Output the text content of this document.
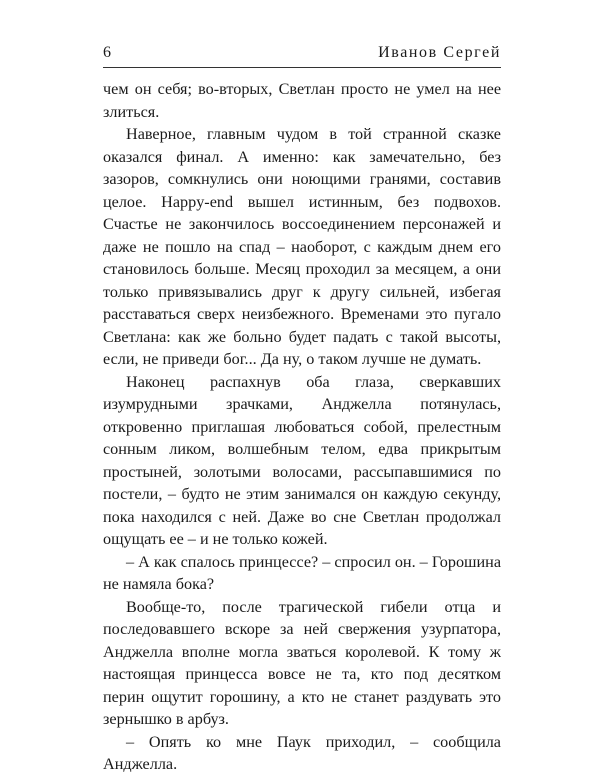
6	Иванов Сергей

чем он себя; во-вторых, Светлан просто не умел на нее злиться.

Наверное, главным чудом в той странной сказке оказался финал. А именно: как замечательно, без зазоров, сомкнулись они ноющими гранями, составив целое. Happy-end вышел истинным, без подвохов. Счастье не закончилось воссоединением персонажей и даже не пошло на спад – наоборот, с каждым днем его становилось больше. Месяц проходил за месяцем, а они только привязывались друг к другу сильней, избегая расставаться сверх неизбежного. Временами это пугало Светлана: как же больно будет падать с такой высоты, если, не приведи бог... Да ну, о таком лучше не думать.

Наконец распахнув оба глаза, сверкавших изумрудными зрачками, Анджелла потянулась, откровенно приглашая любоваться собой, прелестным сонным ликом, волшебным телом, едва прикрытым простыней, золотыми волосами, рассыпавшимися по постели, – будто не этим занимался он каждую секунду, пока находился с ней. Даже во сне Светлан продолжал ощущать ее – и не только кожей.

– А как спалось принцессе? – спросил он. – Горошина не намяла бока?

Вообще-то, после трагической гибели отца и последовавшего вскоре за ней свержения узурпатора, Анджелла вполне могла зваться королевой. К тому ж настоящая принцесса вовсе не та, кто под десятком перин ощутит горошину, а кто не станет раздувать это зернышко в арбуз.

– Опять ко мне Паук приходил, – сообщила Анджелла.
